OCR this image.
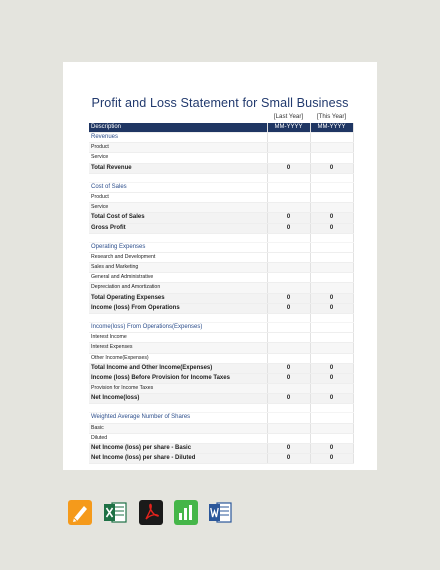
Profit and Loss Statement for Small Business
[Last Year]	[This Year]
Description	MM-YYYY	MM-YYYY
Revenues		
Product		
Service		
Total Revenue	0	0

Cost of Sales		
Product		
Service		
Total Cost of Sales	0	0
Gross Profit	0	0

Operating Expenses		
Research and Development		
Sales and Marketing		
General and Administrative		
Depreciation and Amortization		
Total Operating Expenses	0	0
Income (loss) From Operations	0	0

Income(loss) From Operations(Expenses)		
Interest Income		
Interest Expenses		
Other Income(Expenses)		
Total Income and Other Income(Expenses)	0	0
Income (loss) Before Provision for Income Taxes	0	0
Provision for Income Taxes		
Net Income(loss)	0	0

Weighted Average Number of Shares		
Basic		
Diluted		
Net Income (loss) per share - Basic	0	0
Net Income (loss) per share - Diluted	0	0
